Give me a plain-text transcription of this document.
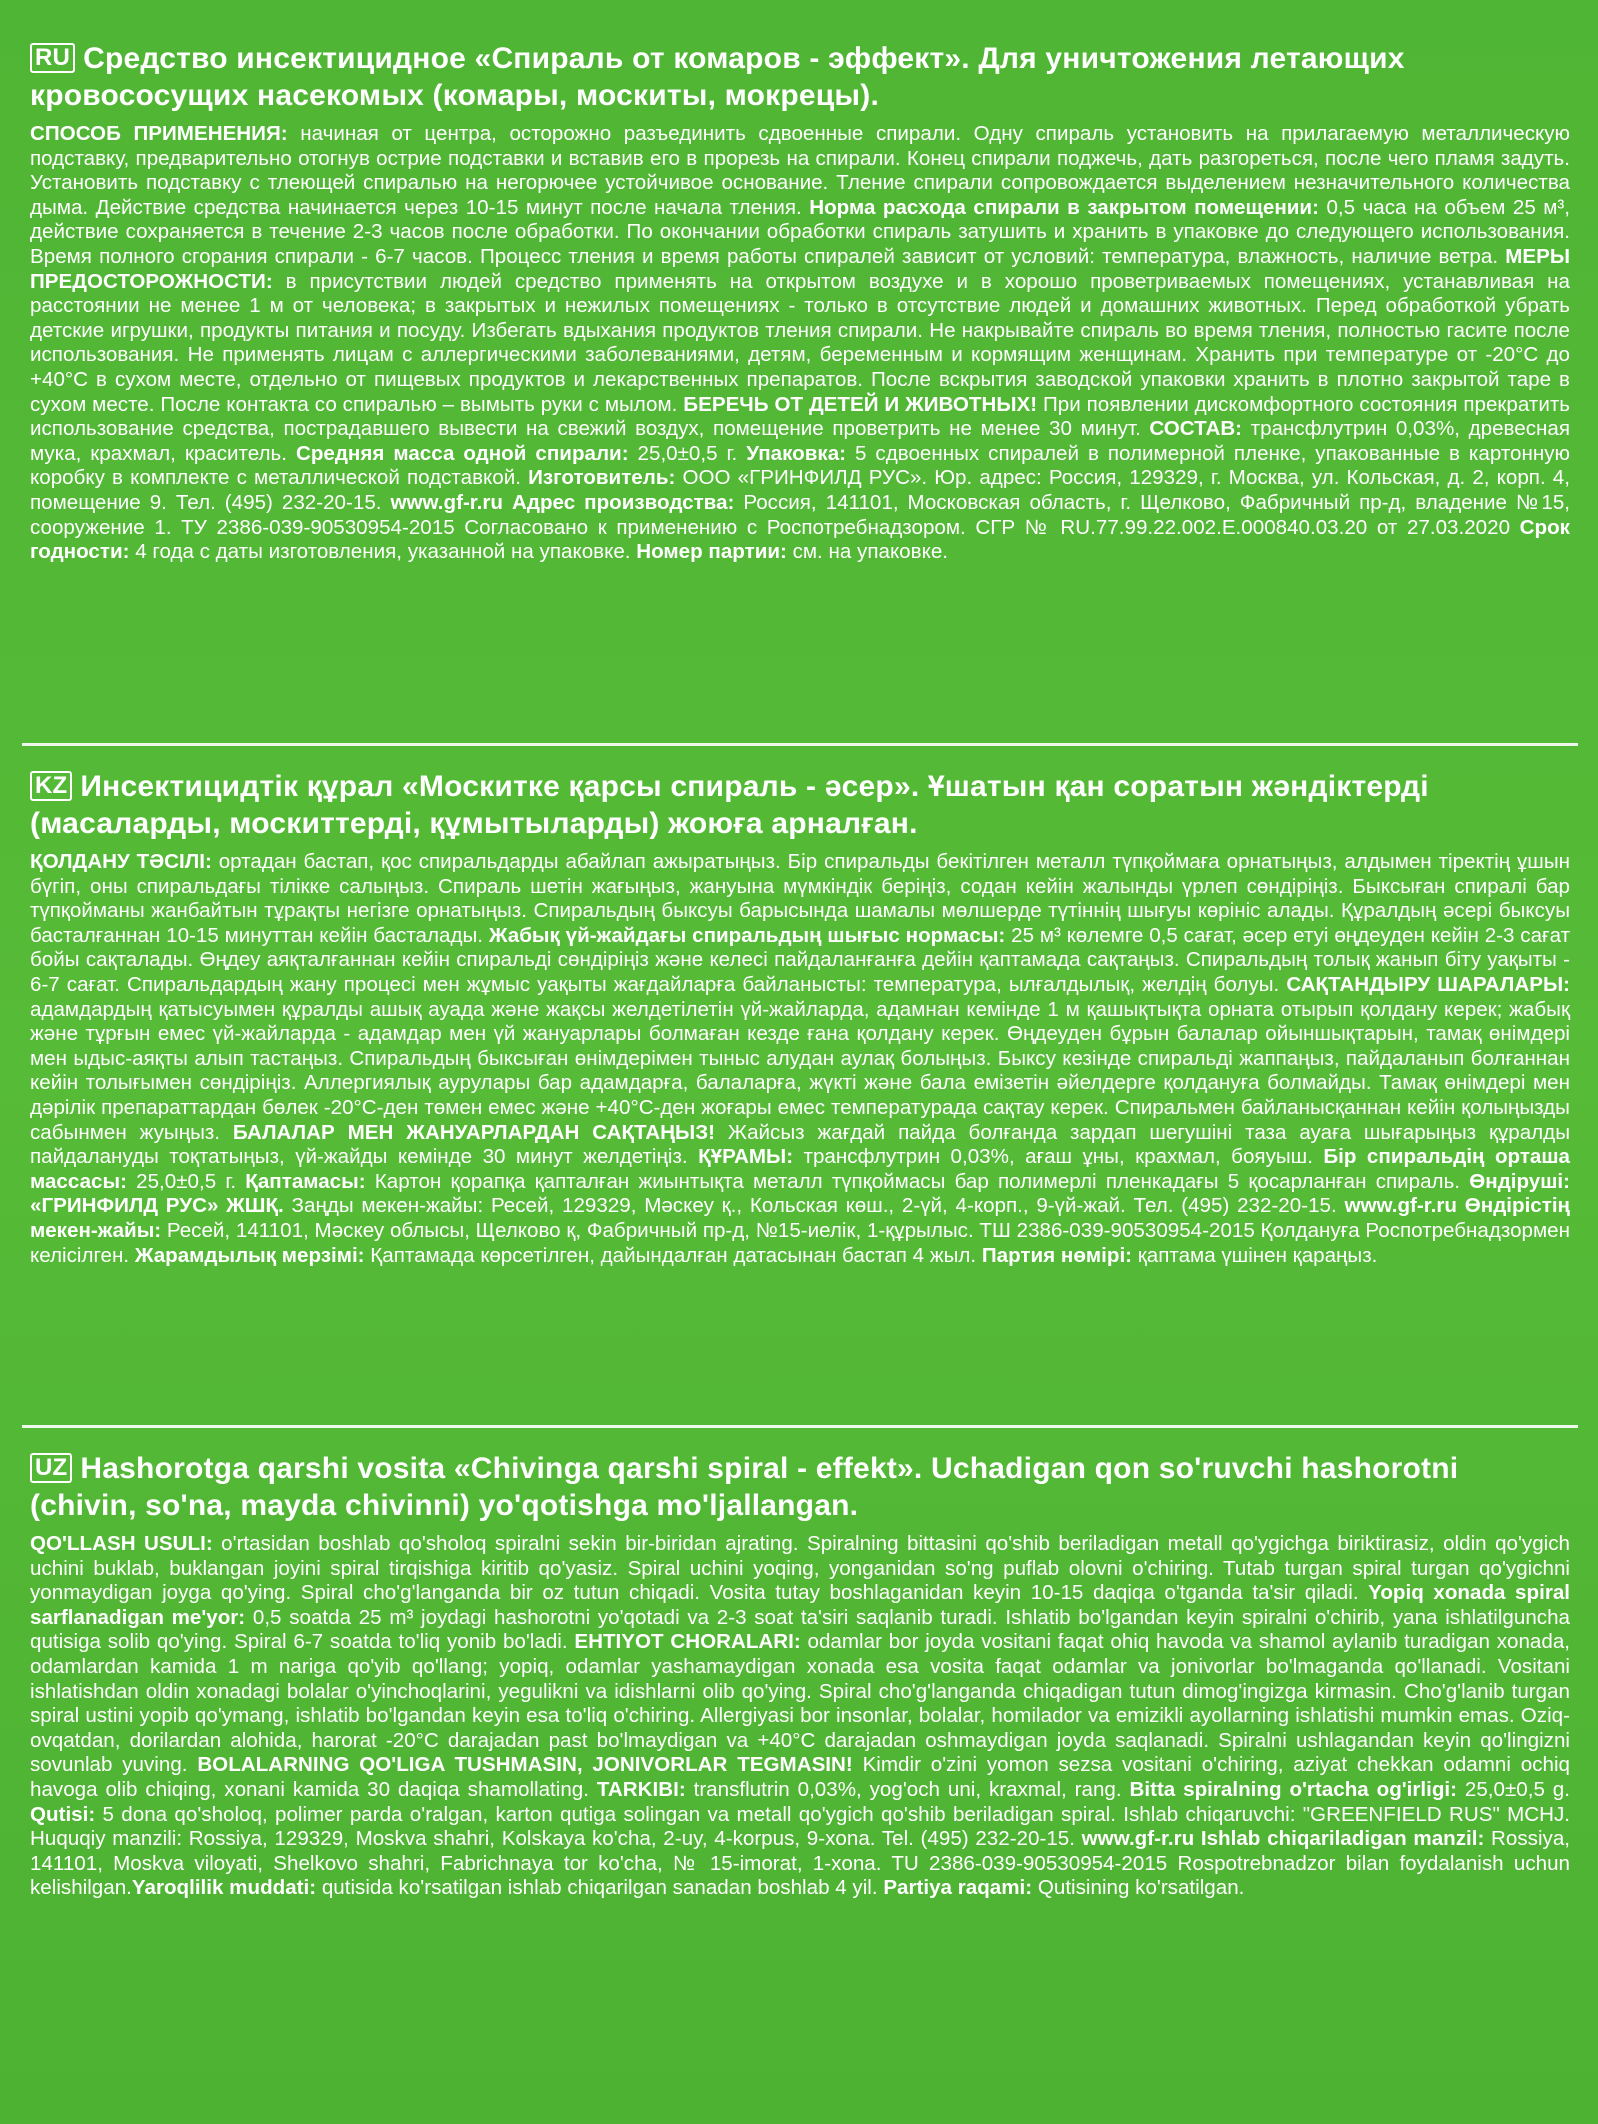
RU Средство инсектицидное «Спираль от комаров - эффект». Для уничтожения летающих кровососущих насекомых (комары, москиты, мокрецы).

СПОСОБ ПРИМЕНЕНИЯ: начиная от центра, осторожно разъединить сдвоенные спирали. Одну спираль установить на прилагаемую металлическую подставку, предварительно отогнув острие подставки и вставив его в прорезь на спирали. Конец спирали поджечь, дать разгореться, после чего пламя задуть. Установить подставку с тлеющей спиралью на негорючее устойчивое основание. Тление спирали сопровождается выделением незначительного количества дыма. Действие средства начинается через 10-15 минут после начала тления. Норма расхода спирали в закрытом помещении: 0,5 часа на объем 25 м³, действие сохраняется в течение 2-3 часов после обработки. По окончании обработки спираль затушить и хранить в упаковке до следующего использования. Время полного сгорания спирали - 6-7 часов. Процесс тления и время работы спиралей зависит от условий: температура, влажность, наличие ветра. МЕРЫ ПРЕДОСТОРОЖНОСТИ: в присутствии людей средство применять на открытом воздухе и в хорошо проветриваемых помещениях, устанавливая на расстоянии не менее 1 м от человека; в закрытых и нежилых помещениях - только в отсутствие людей и домашних животных. Перед обработкой убрать детские игрушки, продукты питания и посуду. Избегать вдыхания продуктов тления спирали. Не накрывайте спираль во время тления, полностью гасите после использования. Не применять лицам с аллергическими заболеваниями, детям, беременным и кормящим женщинам. Хранить при температуре от -20°С до +40°С в сухом месте, отдельно от пищевых продуктов и лекарственных препаратов. После вскрытия заводской упаковки хранить в плотно закрытой таре в сухом месте. После контакта со спиралью – вымыть руки с мылом. БЕРЕЧЬ ОТ ДЕТЕЙ И ЖИВОТНЫХ! При появлении дискомфортного состояния прекратить использование средства, пострадавшего вывести на свежий воздух, помещение проветрить не менее 30 минут. СОСТАВ: трансфлутрин 0,03%, древесная мука, крахмал, краситель. Средняя масса одной спирали: 25,0±0,5 г. Упаковка: 5 сдвоенных спиралей в полимерной пленке, упакованные в картонную коробку в комплекте с металлической подставкой. Изготовитель: ООО «ГРИНФИЛД РУС». Юр. адрес: Россия, 129329, г. Москва, ул. Кольская, д. 2, корп. 4, помещение 9. Тел. (495) 232-20-15. www.gf-r.ru Адрес производства: Россия, 141101, Московская область, г. Щелково, Фабричный пр-д, владение №15, сооружение 1. ТУ 2386-039-90530954-2015 Согласовано к применению с Роспотребнадзором. СГР № RU.77.99.22.002.Е.000840.03.20 от 27.03.2020 Срок годности: 4 года с даты изготовления, указанной на упаковке. Номер партии: см. на упаковке.

KZ Инсектицидтік құрал «Москитке қарсы спираль - әсер». Ұшатын қан соратын жәндіктерді (масаларды, москиттерді, құмытыларды) жоюға арналған.

ҚОЛДАНУ ТӘСІЛІ: ортадан бастап, қос спиральдарды абайлап ажыратыңыз. Бір спиральды бекітілген металл түпқоймаға орнатыңыз, алдымен тіректің ұшын бүгіп, оны спиральдағы тілікке салыңыз. Спираль шетін жағыңыз, жануына мүмкіндік беріңіз, содан кейін жалынды үрлеп сөндіріңіз. Быксыған спиралі бар түпқойманы жанбайтын тұрақты негізге орнатыңыз. Спиральдың быксуы барысында шамалы мөлшерде түтіннің шығуы көрініс алады. Құралдың әсері быксуы басталғаннан 10-15 минуттан кейін басталады. Жабық үй-жайдағы спиральдың шығыс нормасы: 25 м³ көлемге 0,5 сағат, әсер етуі өңдеуден кейін 2-3 сағат бойы сақталады. Өңдеу аяқталғаннан кейін спиральді сөндіріңіз және келесі пайдаланғанға дейін қаптамада сақтаңыз. Спиральдың толық жанып біту уақыты - 6-7 сағат. Спиральдардың жану процесі мен жұмыс уақыты жағдайларға байланысты: температура, ылғалдылық, желдің болуы. САҚТАНДЫРУ ШАРАЛАРЫ: адамдардың қатысуымен құралды ашық ауада және жақсы желдетілетін үй-жайларда, адамнан кемінде 1 м қашықтықта орната отырып қолдану керек; жабық және тұрғын емес үй-жайларда - адамдар мен үй жануарлары болмаған кезде ғана қолдану керек. Өңдеуден бұрын балалар ойыншықтарын, тамақ өнімдері мен ыдыс-аяқты алып тастаңыз. Спиральдың быксыған өнімдерімен тыныс алудан аулақ болыңыз. Быксу кезінде спиральді жаппаңыз, пайдаланып болғаннан кейін толығымен сөндіріңіз. Аллергиялық аурулары бар адамдарға, балаларға, жүкті және бала емізетін әйелдерге қолдануға болмайды. Тамақ өнімдері мен дәрілік препараттардан бөлек -20°С-ден төмен емес және +40°С-ден жоғары емес температурада сақтау керек. Спиральмен байланысқаннан кейін қолыңызды сабынмен жуыңыз. БАЛАЛАР МЕН ЖАНУАРЛАРДАН САҚТАҢЫЗ! Жайсыз жағдай пайда болғанда зардап шегушіні таза ауаға шығарыңыз құралды пайдалануды тоқтатыңыз, үй-жайды кемінде 30 минут желдетіңіз. ҚҰРАМЫ: трансфлутрин 0,03%, ағаш ұны, крахмал, бояуыш. Бір спиральдің орташа массасы: 25,0±0,5 г. Қаптамасы: Картон қорапқа қапталған жиынтықта металл түпқоймасы бар полимерлі пленкадағы 5 қосарланған спираль. Өндіруші: «ГРИНФИЛД РУС» ЖШҚ. Заңды мекен-жайы: Ресей, 129329, Мәскеу қ., Кольская көш., 2-үй, 4-корп., 9-үй-жай. Тел. (495) 232-20-15. www.gf-r.ru Өндірістің мекен-жайы: Ресей, 141101, Мәскеу облысы, Щелково қ, Фабричный пр-д, №15-иелік, 1-құрылыс. ТШ 2386-039-90530954-2015 Қолдануға Роспотребнадзормен келісілген. Жарамдылық мерзімі: Қаптамада көрсетілген, дайындалған датасынан бастап 4 жыл. Партия нөмірі: қаптама үшінен қараңыз.

UZ Hashorotga qarshi vosita «Chivinga qarshi spiral - effekt». Uchadigan qon so'ruvchi hashorotni (chivin, so'na, mayda chivinni) yo'qotishga mo'ljallangan.

QO'LLASH USULI: o'rtasidan boshlab qo'sholoq spiralni sekin bir-biridan ajrating. Spiralning bittasini qo'shib beriladigan metall qo'ygichga biriktirasiz, oldin qo'ygich uchini buklab, buklangan joyini spiral tirqishiga kiritib qo'yasiz. Spiral uchini yoqing, yonganidan so'ng puflab olovni o'chiring. Tutab turgan spiral turgan qo'ygichni yonmaydigan joyga qo'ying. Spiral cho'g'langanda bir oz tutun chiqadi. Vosita tutay boshlaganidan keyin 10-15 daqiqa o'tganda ta'sir qiladi. Yopiq xonada spiral sarflanadigan me'yor: 0,5 soatda 25 m³ joydagi hashorotni yo'qotadi va 2-3 soat ta'siri saqlanib turadi. Ishlatib bo'lgandan keyin spiralni o'chirib, yana ishlatilguncha qutisiga solib qo'ying. Spiral 6-7 soatda to'liq yonib bo'ladi. EHTIYOT CHORALARI: odamlar bor joyda vositani faqat ohiq havoda va shamol aylanib turadigan xonada, odamlardan kamida 1 m nariga qo'yib qo'llang; yopiq, odamlar yashamaydigan xonada esa vosita faqat odamlar va jonivorlar bo'lmaganda qo'llanadi. Vositani ishlatishdan oldin xonadagi bolalar o'yinchoqlarini, yegulikni va idishlarni olib qo'ying. Spiral cho'g'langanda chiqadigan tutun dimog'ingizga kirmasin. Cho'g'lanib turgan spiral ustini yopib qo'ymang, ishlatib bo'lgandan keyin esa to'liq o'chiring. Allergiyasi bor insonlar, bolalar, homilador va emizikli ayollarning ishlatishi mumkin emas. Oziq-ovqatdan, dorilardan alohida, harorat -20°C darajadan past bo'lmaydigan va +40°C darajadan oshmaydigan joyda saqlanadi. Spiralni ushlagandan keyin qo'lingizni sovunlab yuving. BOLALARNING QO'LIGA TUSHMASIN, JONIVORLAR TEGMASIN! Kimdir o'zini yomon sezsa vositani o'chiring, aziyat chekkan odamni ochiq havoga olib chiqing, xonani kamida 30 daqiqa shamollating. TARKIBI: transflutrin 0,03%, yog'och uni, kraxmal, rang. Bitta spiralning o'rtacha og'irligi: 25,0±0,5 g. Qutisi: 5 dona qo'sholoq, polimer parda o'ralgan, karton qutiga solingan va metall qo'ygich qo'shib beriladigan spiral. Ishlab chiqaruvchi: "GREENFIELD RUS" MCHJ. Huquqiy manzili: Rossiya, 129329, Moskva shahri, Kolskaya ko'cha, 2-uy, 4-korpus, 9-xona. Tel. (495) 232-20-15. www.gf-r.ru Ishlab chiqariladigan manzil: Rossiya, 141101, Moskva viloyati, Shelkovo shahri, Fabrichnaya tor ko'cha, № 15-imorat, 1-xona. TU 2386-039-90530954-2015 Rospotrebnadzor bilan foydalanish uchun kelishilgan.Yaroqlilik muddati: qutisida ko'rsatilgan ishlab chiqarilgan sanadan boshlab 4 yil. Partiya raqami: Qutisining ko'rsatilgan.
